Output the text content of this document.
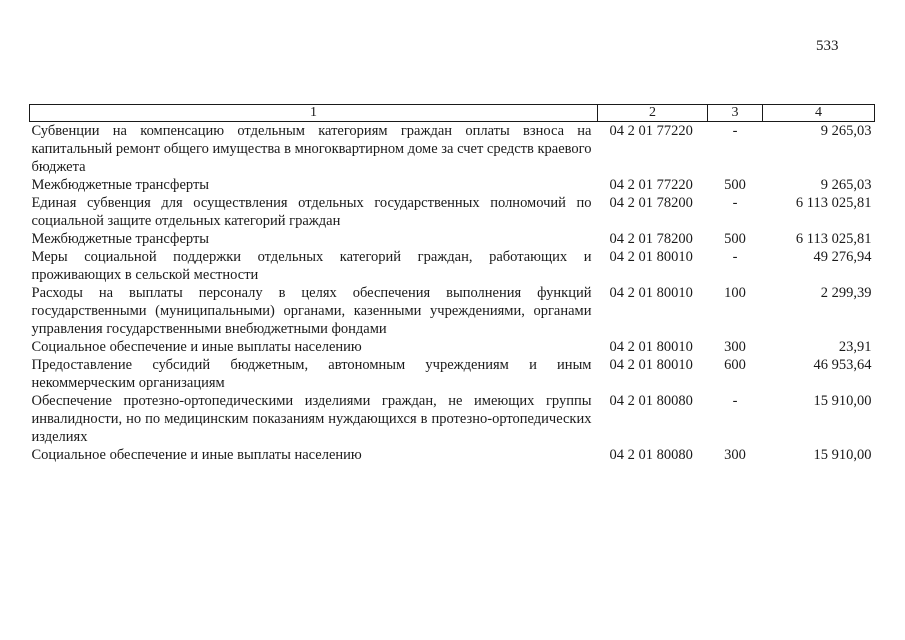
533
1	2	3	4
Субвенции на компенсацию отдельным категориям граждан оплаты взноса на капитальный ремонт общего имущества в многоквартирном доме за счет средств краевого бюджета	04 2 01 77220	-	9 265,03
Межбюджетные трансферты	04 2 01 77220	500	9 265,03
Единая субвенция для осуществления отдельных государственных полномочий по социальной защите отдельных категорий граждан	04 2 01 78200	-	6 113 025,81
Межбюджетные трансферты	04 2 01 78200	500	6 113 025,81
Меры социальной поддержки отдельных категорий граждан, работающих и проживающих в сельской местности	04 2 01 80010	-	49 276,94
Расходы на выплаты персоналу в целях обеспечения выполнения функций государственными (муниципальными) органами, казенными учреждениями, органами управления государственными внебюджетными фондами	04 2 01 80010	100	2 299,39
Социальное обеспечение и иные выплаты населению	04 2 01 80010	300	23,91
Предоставление субсидий бюджетным, автономным учреждениям и иным некоммерческим организациям	04 2 01 80010	600	46 953,64
Обеспечение протезно-ортопедическими изделиями граждан, не имеющих группы инвалидности, но по медицинским показаниям нуждающихся в протезно-ортопедических изделиях	04 2 01 80080	-	15 910,00
Социальное обеспечение и иные выплаты населению	04 2 01 80080	300	15 910,00
